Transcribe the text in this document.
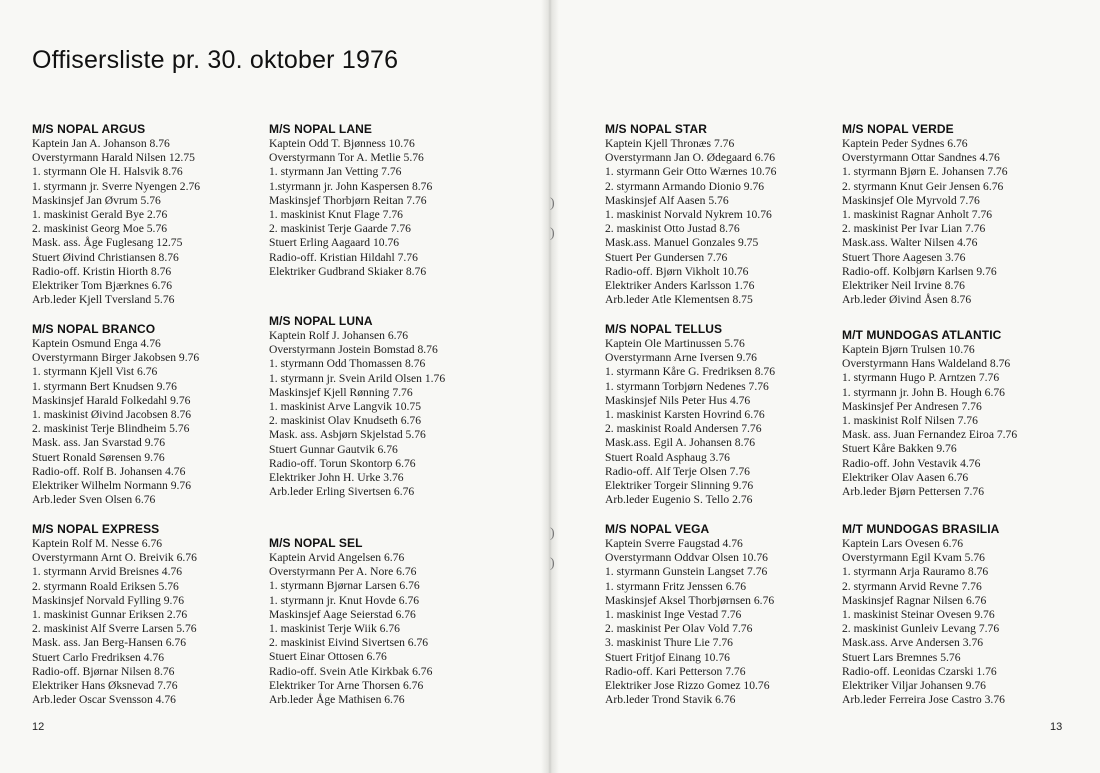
Offisersliste pr. 30. oktober 1976
M/S NOPAL ARGUS
Kaptein Jan A. Johanson 8.76
Overstyrmann Harald Nilsen 12.75
1. styrmann Ole H. Halsvik 8.76
1. styrmann jr. Sverre Nyengen 2.76
Maskinsjef Jan Øvrum 5.76
1. maskinist Gerald Bye 2.76
2. maskinist Georg Moe 5.76
Mask. ass. Åge Fuglesang 12.75
Stuert Øivind Christiansen 8.76
Radio-off. Kristin Hiorth 8.76
Elektriker Tom Bjærknes 6.76
Arb.leder Kjell Tversland 5.76
M/S NOPAL BRANCO
Kaptein Osmund Enga 4.76
Overstyrmann Birger Jakobsen 9.76
1. styrmann Kjell Vist 6.76
1. styrmann Bert Knudsen 9.76
Maskinsjef Harald Folkedahl 9.76
1. maskinist Øivind Jacobsen 8.76
2. maskinist Terje Blindheim 5.76
Mask. ass. Jan Svarstad 9.76
Stuert Ronald Sørensen 9.76
Radio-off. Rolf B. Johansen 4.76
Elektriker Wilhelm Normann 9.76
Arb.leder Sven Olsen 6.76
M/S NOPAL EXPRESS
Kaptein Rolf M. Nesse 6.76
Overstyrmann Arnt O. Breivik 6.76
1. styrmann Arvid Breisnes 4.76
2. styrmann Roald Eriksen 5.76
Maskinsjef Norvald Fylling 9.76
1. maskinist Gunnar Eriksen 2.76
2. maskinist Alf Sverre Larsen 5.76
Mask. ass. Jan Berg-Hansen 6.76
Stuert Carlo Fredriksen 4.76
Radio-off. Bjørnar Nilsen 8.76
Elektriker Hans Øksnevad 7.76
Arb.leder Oscar Svensson 4.76
M/S NOPAL LANE
Kaptein Odd T. Bjønness 10.76
Overstyrmann Tor A. Metlie 5.76
1. styrmann Jan Vetting 7.76
1.styrmann jr. John Kaspersen 8.76
Maskinsjef Thorbjørn Reitan 7.76
1. maskinist Knut Flage 7.76
2. maskinist Terje Gaarde 7.76
Stuert Erling Aagaard 10.76
Radio-off. Kristian Hildahl 7.76
Elektriker Gudbrand Skiaker 8.76
M/S NOPAL LUNA
Kaptein Rolf J. Johansen 6.76
Overstyrmann Jostein Bomstad 8.76
1. styrmann Odd Thomassen 8.76
1. styrmann jr. Svein Arild Olsen 1.76
Maskinsjef Kjell Rønning 7.76
1. maskinist Arve Langvik 10.75
2. maskinist Olav Knudseth 6.76
Mask. ass. Asbjørn Skjelstad 5.76
Stuert Gunnar Gautvik 6.76
Radio-off. Torun Skontorp 6.76
Elektriker John H. Urke 3.76
Arb.leder Erling Sivertsen 6.76
M/S NOPAL SEL
Kaptein Arvid Angelsen 6.76
Overstyrmann Per A. Nore 6.76
1. styrmann Bjørnar Larsen 6.76
1. styrmann jr. Knut Hovde 6.76
Maskinsjef Aage Seierstad 6.76
1. maskinist Terje Wiik 6.76
2. maskinist Eivind Sivertsen 6.76
Stuert Einar Ottosen 6.76
Radio-off. Svein Atle Kirkbak 6.76
Elektriker Tor Arne Thorsen 6.76
Arb.leder Åge Mathisen 6.76
M/S NOPAL STAR
Kaptein Kjell Thronæs 7.76
Overstyrmann Jan O. Ødegaard 6.76
1. styrmann Geir Otto Wærnes 10.76
2. styrmann Armando Dionio 9.76
Maskinsjef Alf Aasen 5.76
1. maskinist Norvald Nykrem 10.76
2. maskinist Otto Justad 8.76
Mask.ass. Manuel Gonzales 9.75
Stuert Per Gundersen 7.76
Radio-off. Bjørn Vikholt 10.76
Elektriker Anders Karlsson 1.76
Arb.leder Atle Klementsen 8.75
M/S NOPAL TELLUS
Kaptein Ole Martinussen 5.76
Overstyrmann Arne Iversen 9.76
1. styrmann Kåre G. Fredriksen 8.76
1. styrmann Torbjørn Nedenes 7.76
Maskinsjef Nils Peter Hus 4.76
1. maskinist Karsten Hovrind 6.76
2. maskinist Roald Andersen 7.76
Mask.ass. Egil A. Johansen 8.76
Stuert Roald Asphaug 3.76
Radio-off. Alf Terje Olsen 7.76
Elektriker Torgeir Slinning 9.76
Arb.leder Eugenio S. Tello 2.76
M/S NOPAL VEGA
Kaptein Sverre Faugstad 4.76
Overstyrmann Oddvar Olsen 10.76
1. styrmann Gunstein Langset 7.76
1. styrmann Fritz Jenssen 6.76
Maskinsjef Aksel Thorbjørnsen 6.76
1. maskinist Inge Vestad 7.76
2. maskinist Per Olav Vold 7.76
3. maskinist Thure Lie 7.76
Stuert Fritjof Einang 10.76
Radio-off. Kari Petterson 7.76
Elektriker Jose Rizzo Gomez 10.76
Arb.leder Trond Stavik 6.76
M/S NOPAL VERDE
Kaptein Peder Sydnes 6.76
Overstyrmann Ottar Sandnes 4.76
1. styrmann Bjørn E. Johansen 7.76
2. styrmann Knut Geir Jensen 6.76
Maskinsjef Ole Myrvold 7.76
1. maskinist Ragnar Anholt 7.76
2. maskinist Per Ivar Lian 7.76
Mask.ass. Walter Nilsen 4.76
Stuert Thore Aagesen 3.76
Radio-off. Kolbjørn Karlsen 9.76
Elektriker Neil Irvine 8.76
Arb.leder Øivind Åsen 8.76
M/T MUNDOGAS ATLANTIC
Kaptein Bjørn Trulsen 10.76
Overstyrmann Hans Waldeland 8.76
1. styrmann Hugo P. Arntzen 7.76
1. styrmann jr. John B. Hough 6.76
Maskinsjef Per Andresen 7.76
1. maskinist Rolf Nilsen 7.76
Mask. ass. Juan Fernandez Eiroa 7.76
Stuert Kåre Bakken 9.76
Radio-off. John Vestavik 4.76
Elektriker Olav Aasen 6.76
Arb.leder Bjørn Pettersen 7.76
M/T MUNDOGAS BRASILIA
Kaptein Lars Ovesen 6.76
Overstyrmann Egil Kvam 5.76
1. styrmann Arja Rauramo 8.76
2. styrmann Arvid Revne 7.76
Maskinsjef Ragnar Nilsen 6.76
1. maskinist Steinar Ovesen 9.76
2. maskinist Gunleiv Levang 7.76
Mask.ass. Arve Andersen 3.76
Stuert Lars Bremnes 5.76
Radio-off. Leonidas Czarski 1.76
Elektriker Viljar Johansen 9.76
Arb.leder Ferreira Jose Castro 3.76
12	13
)
)
)
)
